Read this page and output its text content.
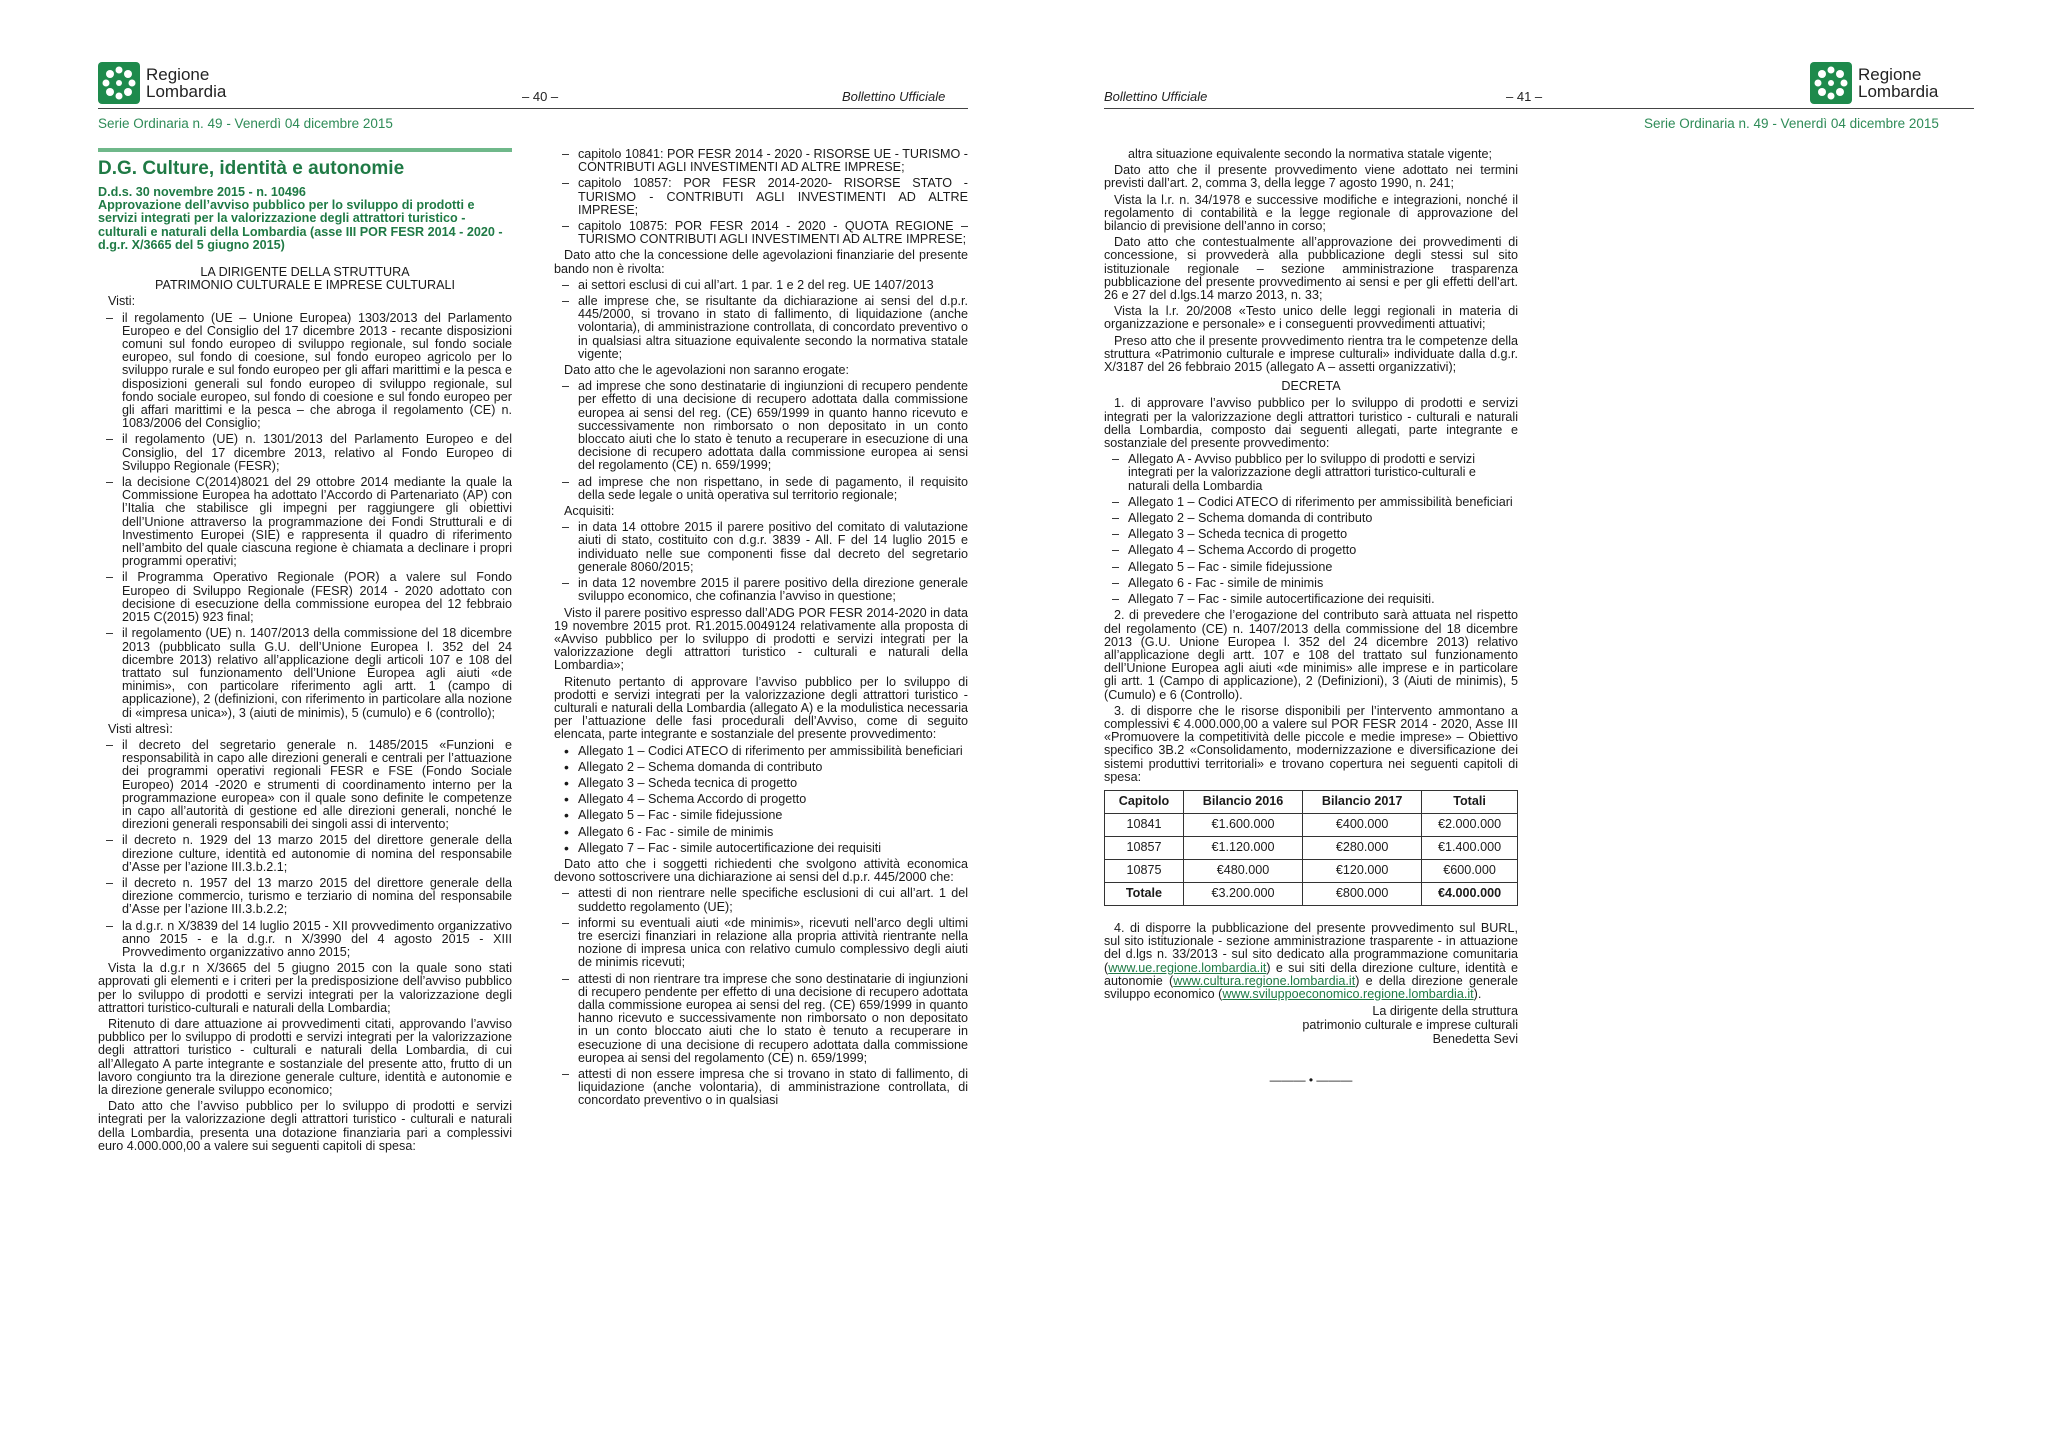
Regione
Lombardia	– 40 –	Bollettino Ufficiale
Serie Ordinaria n. 49 - Venerdì 04 dicembre 2015
D.G. Culture, identità e autonomie
D.d.s. 30 novembre 2015 - n. 10496
Approvazione dell’avviso pubblico per lo sviluppo di prodotti e servizi integrati per la valorizzazione degli attrattori turistico - culturali e naturali della Lombardia (asse III POR FESR 2014 - 2020 - d.g.r. X/3665 del 5 giugno 2015)

LA DIRIGENTE DELLA STRUTTURA

PATRIMONIO CULTURALE E IMPRESE CULTURALI

Visti:

– il regolamento (UE – Unione Europea) 1303/2013 del Parlamento Europeo e del Consiglio del 17 dicembre 2013 - recante disposizioni comuni sul fondo europeo di sviluppo regionale, sul fondo sociale europeo, sul fondo di coesione, sul fondo europeo agricolo per lo sviluppo rurale e sul fondo europeo per gli affari marittimi e la pesca e disposizioni generali sul fondo europeo di sviluppo regionale, sul fondo sociale europeo, sul fondo di coesione e sul fondo europeo per gli affari marittimi e la pesca – che abroga il regolamento (CE) n. 1083/2006 del Consiglio;
– il regolamento (UE) n. 1301/2013 del Parlamento Europeo e del Consiglio, del 17 dicembre 2013, relativo al Fondo Europeo di Sviluppo Regionale (FESR);
– la decisione C(2014)8021 del 29 ottobre 2014 mediante la quale la Commissione Europea ha adottato l’Accordo di Partenariato (AP) con l’Italia che stabilisce gli impegni per raggiungere gli obiettivi dell’Unione attraverso la programmazione dei Fondi Strutturali e di Investimento Europei (SIE) e rappresenta il quadro di riferimento nell’ambito del quale ciascuna regione è chiamata a declinare i propri programmi operativi;
– il Programma Operativo Regionale (POR) a valere sul Fondo Europeo di Sviluppo Regionale (FESR) 2014 - 2020 adottato con decisione di esecuzione della commissione europea del 12 febbraio 2015 C(2015) 923 final;
– il regolamento (UE) n. 1407/2013 della commissione del 18 dicembre 2013 (pubblicato sulla G.U. dell’Unione Europea l. 352 del 24 dicembre 2013) relativo all’applicazione degli articoli 107 e 108 del trattato sul funzionamento dell’Unione Europea agli aiuti «de minimis», con particolare riferimento agli artt. 1 (campo di applicazione), 2 (definizioni, con riferimento in particolare alla nozione di «impresa unica»), 3 (aiuti de minimis), 5 (cumulo) e 6 (controllo);

Visti altresì:

– il decreto del segretario generale n. 1485/2015 «Funzioni e responsabilità in capo alle direzioni generali e centrali per l’attuazione dei programmi operativi regionali FESR e FSE (Fondo Sociale Europeo) 2014 -2020 e strumenti di coordinamento interno per la programmazione europea» con il quale sono definite le competenze in capo all’autorità di gestione ed alle direzioni generali, nonché le direzioni generali responsabili dei singoli assi di intervento;
– il decreto n. 1929 del 13 marzo 2015 del direttore generale della direzione culture, identità ed autonomie di nomina del responsabile d’Asse per l’azione III.3.b.2.1;
– il decreto n. 1957 del 13 marzo 2015 del direttore generale della direzione commercio, turismo e terziario di nomina del responsabile d’Asse per l’azione III.3.b.2.2;
– la d.g.r. n X/3839 del 14 luglio 2015 - XII provvedimento organizzativo anno 2015 - e la d.g.r. n X/3990 del 4 agosto 2015 - XIII Provvedimento organizzativo anno 2015;

Vista la d.g.r n X/3665 del 5 giugno 2015 con la quale sono stati approvati gli elementi e i criteri per la predisposizione dell’avviso pubblico per lo sviluppo di prodotti e servizi integrati per la valorizzazione degli attrattori turistico-culturali e naturali della Lombardia;

Ritenuto di dare attuazione ai provvedimenti citati, approvando l’avviso pubblico per lo sviluppo di prodotti e servizi integrati per la valorizzazione degli attrattori turistico - culturali e naturali della Lombardia, di cui all’Allegato A parte integrante e sostanziale del presente atto, frutto di un lavoro congiunto tra la direzione generale culture, identità e autonomie e la direzione generale sviluppo economico;

Dato atto che l’avviso pubblico per lo sviluppo di prodotti e servizi integrati per la valorizzazione degli attrattori turistico - culturali e naturali della Lombardia, presenta una dotazione finanziaria pari a complessivi euro 4.000.000,00 a valere sui seguenti capitoli di spesa:

– capitolo 10841: POR FESR 2014 - 2020 - RISORSE UE - TURISMO - CONTRIBUTI AGLI INVESTIMENTI AD ALTRE IMPRESE;
– capitolo 10857: POR FESR 2014-2020- RISORSE STATO - TURISMO - CONTRIBUTI AGLI INVESTIMENTI AD ALTRE IMPRESE;
– capitolo 10875: POR FESR 2014 - 2020 - QUOTA REGIONE – TURISMO CONTRIBUTI AGLI INVESTIMENTI AD ALTRE IMPRESE;

Dato atto che la concessione delle agevolazioni finanziarie del presente bando non è rivolta:

– ai settori esclusi di cui all’art. 1 par. 1 e 2 del reg. UE 1407/2013
– alle imprese che, se risultante da dichiarazione ai sensi del d.p.r. 445/2000, si trovano in stato di fallimento, di liquidazione (anche volontaria), di amministrazione controllata, di concordato preventivo o in qualsiasi altra situazione equivalente secondo la normativa statale vigente;

Dato atto che le agevolazioni non saranno erogate:

– ad imprese che sono destinatarie di ingiunzioni di recupero pendente per effetto di una decisione di recupero adottata dalla commissione europea ai sensi del reg. (CE) 659/1999 in quanto hanno ricevuto e successivamente non rimborsato o non depositato in un conto bloccato aiuti che lo stato è tenuto a recuperare in esecuzione di una decisione di recupero adottata dalla commissione europea ai sensi del regolamento (CE) n. 659/1999;
– ad imprese che non rispettano, in sede di pagamento, il requisito della sede legale o unità operativa sul territorio regionale;

Acquisiti:

– in data 14 ottobre 2015 il parere positivo del comitato di valutazione aiuti di stato, costituito con d.g.r. 3839 - All. F del 14 luglio 2015 e individuato nelle sue componenti fisse dal decreto del segretario generale 8060/2015;
– in data 12 novembre 2015 il parere positivo della direzione generale sviluppo economico, che cofinanzia l’avviso in questione;

Visto il parere positivo espresso dall’ADG POR FESR 2014-2020 in data 19 novembre 2015 prot. R1.2015.0049124 relativamente alla proposta di «Avviso pubblico per lo sviluppo di prodotti e servizi integrati per la valorizzazione degli attrattori turistico - culturali e naturali della Lombardia»;

Ritenuto pertanto di approvare l’avviso pubblico per lo sviluppo di prodotti e servizi integrati per la valorizzazione degli attrattori turistico - culturali e naturali della Lombardia (allegato A) e la modulistica necessaria per l’attuazione delle fasi procedurali dell’Avviso, come di seguito elencata, parte integrante e sostanziale del presente provvedimento:

• Allegato 1 – Codici ATECO di riferimento per ammissibilità beneficiari
• Allegato 2 – Schema domanda di contributo
• Allegato 3 – Scheda tecnica di progetto
• Allegato 4 – Schema Accordo di progetto
• Allegato 5 – Fac - simile fidejussione
• Allegato 6 - Fac - simile de minimis
• Allegato 7 – Fac - simile autocertificazione dei requisiti

Dato atto che i soggetti richiedenti che svolgono attività economica devono sottoscrivere una dichiarazione ai sensi del d.p.r. 445/2000 che:

– attesti di non rientrare nelle specifiche esclusioni di cui all’art. 1 del suddetto regolamento (UE);
– informi su eventuali aiuti «de minimis», ricevuti nell’arco degli ultimi tre esercizi finanziari in relazione alla propria attività rientrante nella nozione di impresa unica con relativo cumulo complessivo degli aiuti de minimis ricevuti;
– attesti di non rientrare tra imprese che sono destinatarie di ingiunzioni di recupero pendente per effetto di una decisione di recupero adottata dalla commissione europea ai sensi del reg. (CE) 659/1999 in quanto hanno ricevuto e successivamente non rimborsato o non depositato in un conto bloccato aiuti che lo stato è tenuto a recuperare in esecuzione di una decisione di recupero adottata dalla commissione europea ai sensi del regolamento (CE) n. 659/1999;
– attesti di non essere impresa che si trovano in stato di fallimento, di liquidazione (anche volontaria), di amministrazione controllata, di concordato preventivo o in qualsiasi
Bollettino Ufficiale	– 41 –
Regione
Lombardia
Serie Ordinaria n. 49 - Venerdì 04 dicembre 2015

altra situazione equivalente secondo la normativa statale vigente;

Dato atto che il presente provvedimento viene adottato nei termini previsti dall’art. 2, comma 3, della legge 7 agosto 1990, n. 241;

Vista la l.r. n. 34/1978 e successive modifiche e integrazioni, nonché il regolamento di contabilità e la legge regionale di approvazione del bilancio di previsione dell’anno in corso;

Dato atto che contestualmente all’approvazione dei provvedimenti di concessione, si provvederà alla pubblicazione degli stessi sul sito istituzionale regionale – sezione amministrazione trasparenza pubblicazione del presente provvedimento ai sensi e per gli effetti dell’art. 26 e 27 del d.lgs.14 marzo 2013, n. 33;

Vista la l.r. 20/2008 «Testo unico delle leggi regionali in materia di organizzazione e personale» e i conseguenti provvedimenti attuativi;

Preso atto che il presente provvedimento rientra tra le competenze della struttura «Patrimonio culturale e imprese culturali» individuate dalla d.g.r. X/3187 del 26 febbraio 2015 (allegato A – assetti organizzativi);

DECRETA

1. di approvare l’avviso pubblico per lo sviluppo di prodotti e servizi integrati per la valorizzazione degli attrattori turistico - culturali e naturali della Lombardia, composto dai seguenti allegati, parte integrante e sostanziale del presente provvedimento:

– Allegato A - Avviso pubblico per lo sviluppo di prodotti e servizi integrati per la valorizzazione degli attrattori turistico-culturali e naturali della Lombardia
– Allegato 1 – Codici ATECO di riferimento per ammissibilità beneficiari
– Allegato 2 – Schema domanda di contributo
– Allegato 3 – Scheda tecnica di progetto
– Allegato 4 – Schema Accordo di progetto
– Allegato 5 – Fac - simile fidejussione
– Allegato 6 - Fac - simile de minimis
– Allegato 7 – Fac - simile autocertificazione dei requisiti.

2. di prevedere che l’erogazione del contributo sarà attuata nel rispetto del regolamento (CE) n. 1407/2013 della commissione del 18 dicembre 2013 (G.U. Unione Europea l. 352 del 24 dicembre 2013) relativo all’applicazione degli artt. 107 e 108 del trattato sul funzionamento dell’Unione Europea agli aiuti «de minimis» alle imprese e in particolare gli artt. 1 (Campo di applicazione), 2 (Definizioni), 3 (Aiuti de minimis), 5 (Cumulo) e 6 (Controllo).

3. di disporre che le risorse disponibili per l’intervento ammontano a complessivi € 4.000.000,00 a valere sul POR FESR 2014 - 2020, Asse III «Promuovere la competitività delle piccole e medie imprese» – Obiettivo specifico 3B.2 «Consolidamento, modernizzazione e diversificazione dei sistemi produttivi territoriali» e trovano copertura nei seguenti capitoli di spesa:

Capitolo	Bilancio 2016	Bilancio 2017	Totali
10841	€1.600.000	€400.000	€2.000.000
10857	€1.120.000	€280.000	€1.400.000
10875	€480.000	€120.000	€600.000
Totale	€3.200.000	€800.000	€4.000.000

4. di disporre la pubblicazione del presente provvedimento sul BURL, sul sito istituzionale - sezione amministrazione trasparente - in attuazione del d.lgs n. 33/2013 - sul sito dedicato alla programmazione comunitaria (www.ue.regione.lombardia.it) e sui siti della direzione culture, identità e autonomie (www.cultura.regione.lombardia.it) e della direzione generale sviluppo economico (www.sviluppoeconomico.regione.lombardia.it).

La dirigente della struttura
patrimonio culturale e imprese culturali
Benedetta Sevi
——— • ———
